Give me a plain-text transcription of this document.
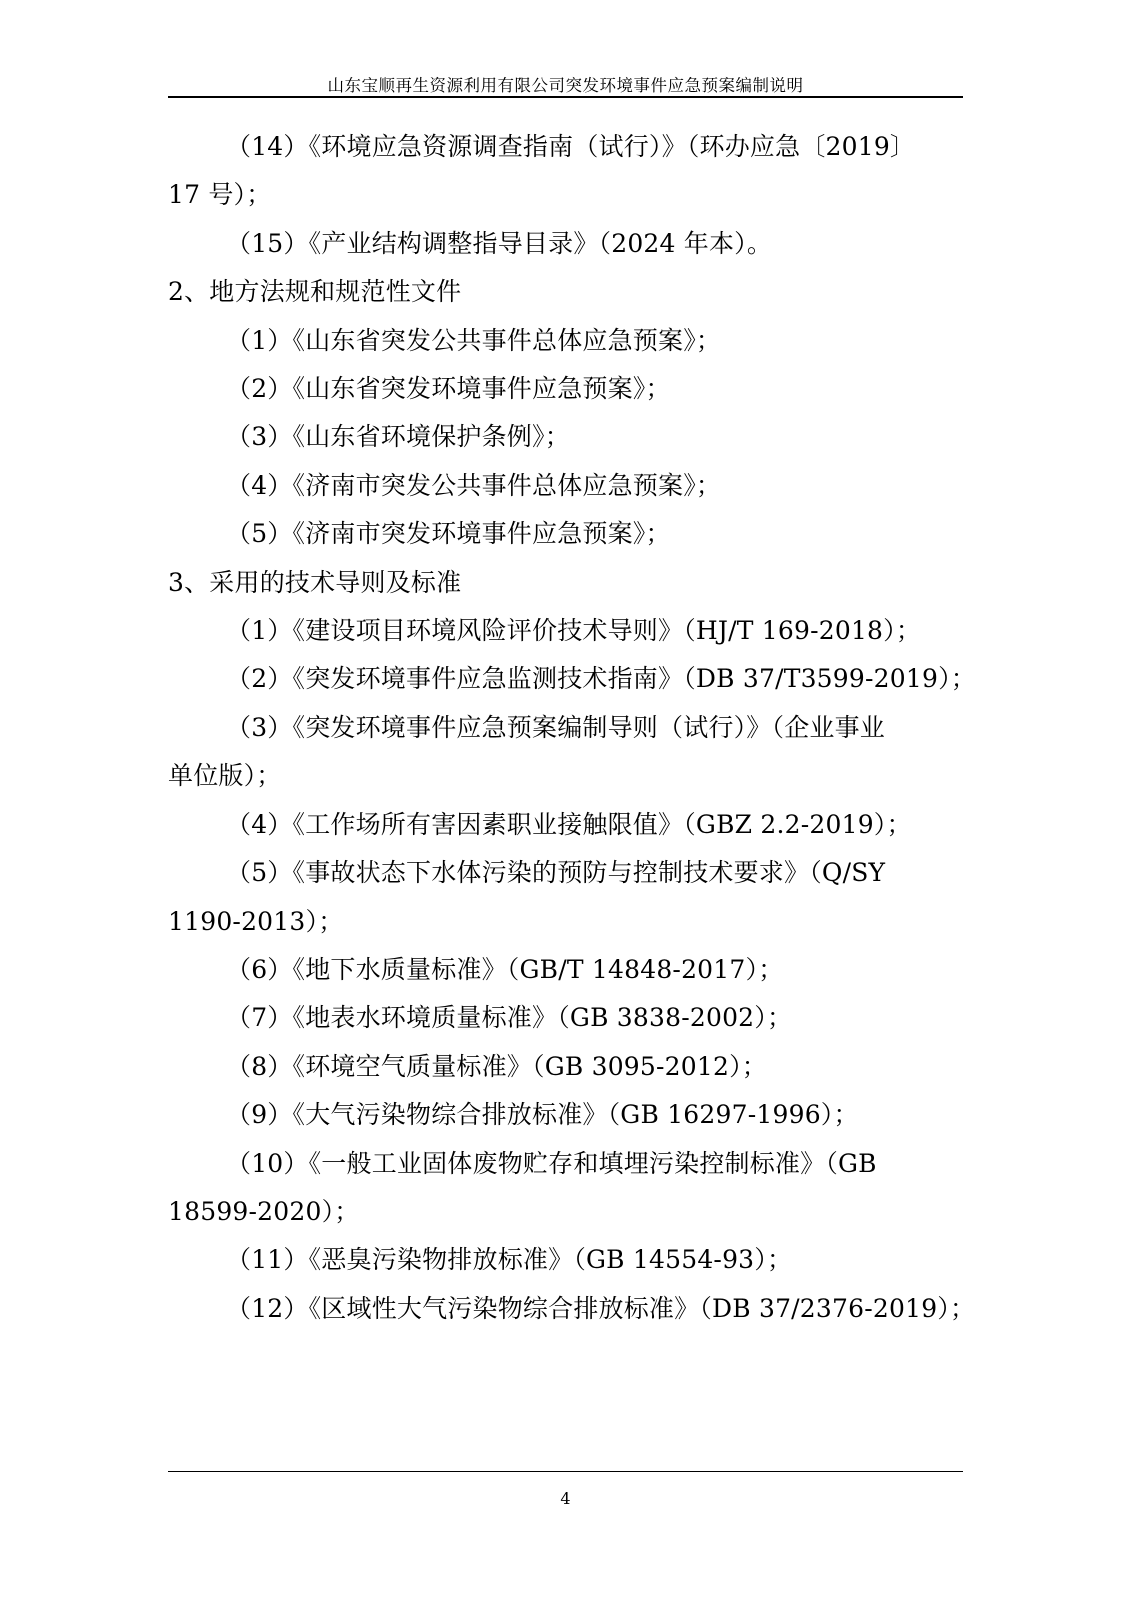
山东宝顺再生资源利用有限公司突发环境事件应急预案编制说明
（14）《环境应急资源调查指南（试行）》（环办应急〔2019〕
17 号）；
（15）《产业结构调整指导目录》（2024 年本）。
2、地方法规和规范性文件
（1）《山东省突发公共事件总体应急预案》；
（2）《山东省突发环境事件应急预案》；
（3）《山东省环境保护条例》；
（4）《济南市突发公共事件总体应急预案》；
（5）《济南市突发环境事件应急预案》；
3、采用的技术导则及标准
（1）《建设项目环境风险评价技术导则》（HJ/T 169-2018）；
（2）《突发环境事件应急监测技术指南》（DB 37/T3599-2019）；
（3）《突发环境事件应急预案编制导则（试行）》（企业事业
单位版）；
（4）《工作场所有害因素职业接触限值》（GBZ 2.2-2019）；
（5）《事故状态下水体污染的预防与控制技术要求》（Q/SY
1190-2013）；
（6）《地下水质量标准》（GB/T 14848-2017）；
（7）《地表水环境质量标准》（GB 3838-2002）；
（8）《环境空气质量标准》（GB 3095-2012）；
（9）《大气污染物综合排放标准》（GB 16297-1996）；
（10）《一般工业固体废物贮存和填埋污染控制标准》（GB
18599-2020）；
（11）《恶臭污染物排放标准》（GB 14554-93）；
（12）《区域性大气污染物综合排放标准》（DB 37/2376-2019）；
4
